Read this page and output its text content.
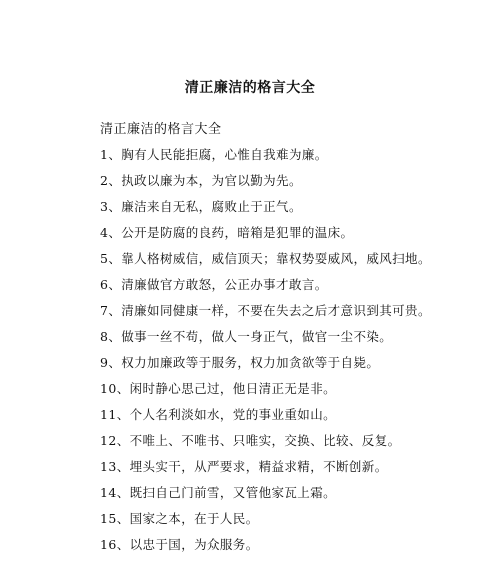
清正廉洁的格言大全
清正廉洁的格言大全
1、胸有人民能拒腐，心惟自我难为廉。
2、执政以廉为本，为官以勤为先。
3、廉洁来自无私，腐败止于正气。
4、公开是防腐的良药，暗箱是犯罪的温床。
5、靠人格树威信，威信顶天；靠权势耍威风，威风扫地。
6、清廉做官方敢怒，公正办事才敢言。
7、清廉如同健康一样，不要在失去之后才意识到其可贵。
8、做事一丝不苟，做人一身正气，做官一尘不染。
9、权力加廉政等于服务，权力加贪欲等于自毙。
10、闲时静心思己过，他日清正无是非。
11、个人名利淡如水，党的事业重如山。
12、不唯上、不唯书、只唯实，交换、比较、反复。
13、埋头实干，从严要求，精益求精，不断创新。
14、既扫自己门前雪，又管他家瓦上霜。
15、国家之本，在于人民。
16、以忠于国，为众服务。
